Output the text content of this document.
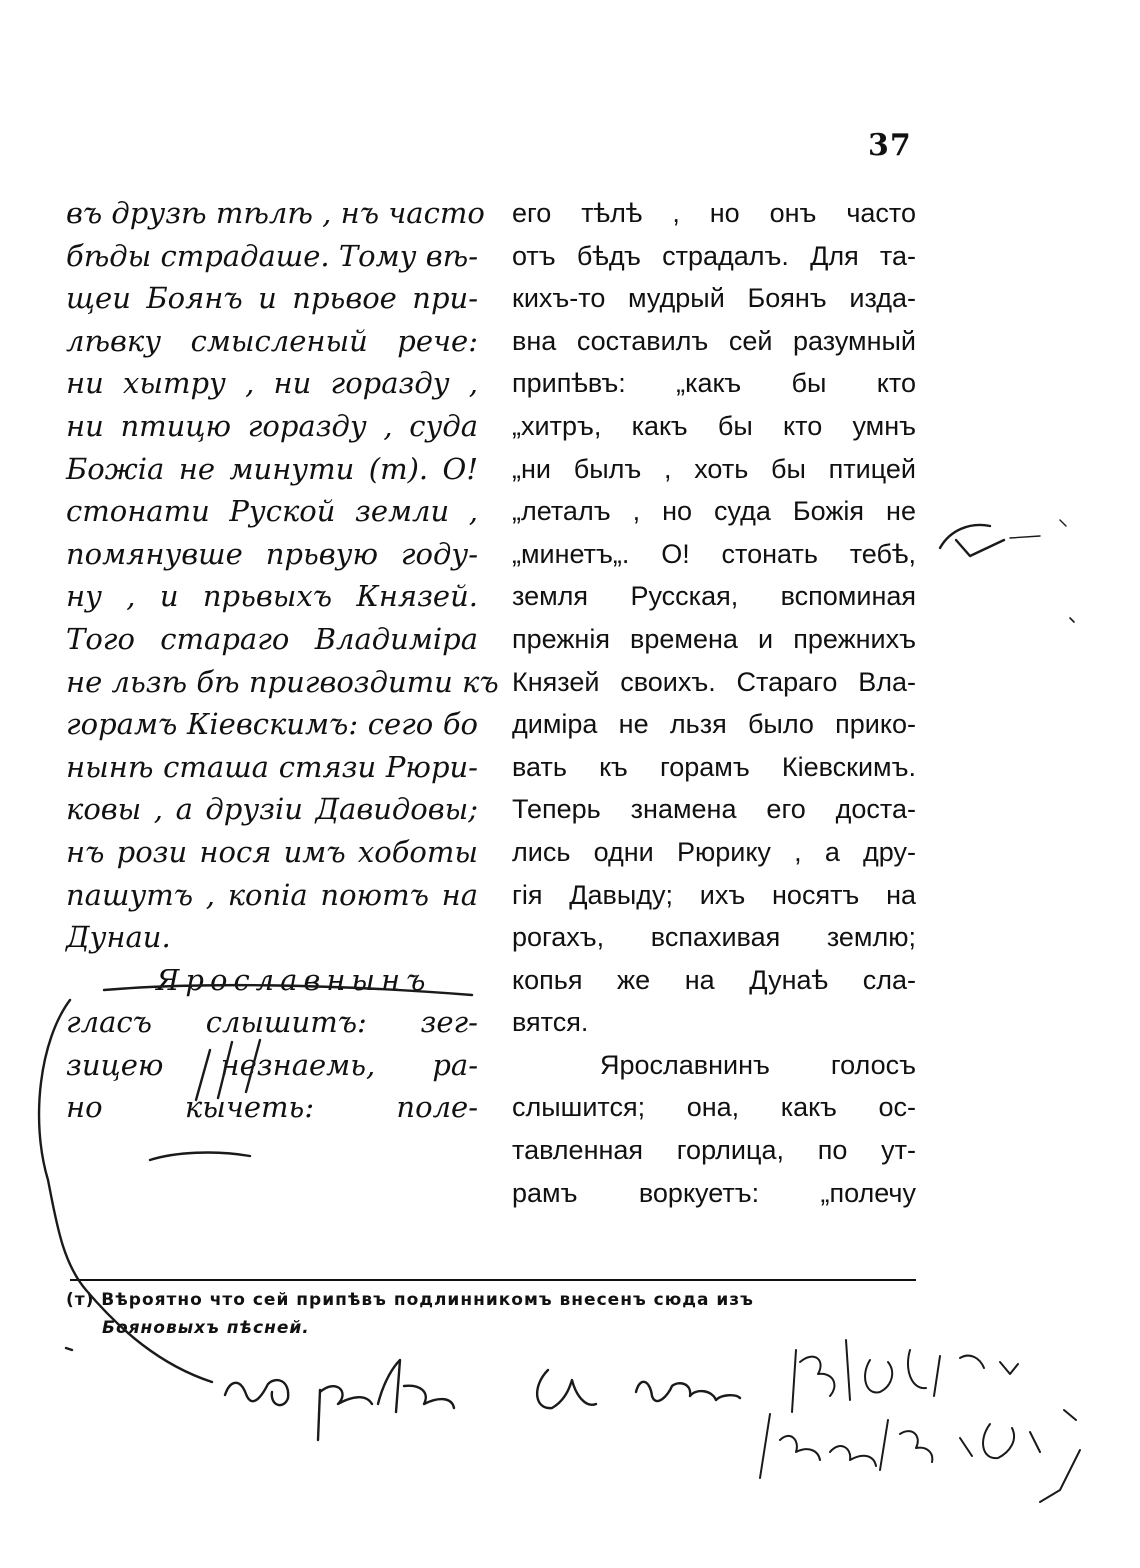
37
въ друзѣ тѣлѣ , нъ часто
бѣды страдаше. Тому вѣ-
щеи Боянъ и прьвое при-
лѣвку смысленый рече:
ни хытру , ни горазду ,
ни птицю горазду , суда
Божіа не минути (т). О!
стонати Руской земли ,
помянувше прьвую году-
ну , и прьвыхъ Князей.
Того стараго Владиміра
не льзѣ бѣ пригвоздити къ
горамъ Кіевскимъ: сего бо
нынѣ сташа стязи Рюри-
ковы , а друзіи Давидовы;
нъ рози нося имъ хоботы
пашутъ , копіа поютъ на
Дунаи.
Ярославнынъ
гласъ слышитъ: зег-
зицею незнаемь, ра-
но кычеть: поле-
его тѣлѣ , но онъ часто
отъ бѣдъ страдалъ. Для та-
кихъ-то мудрый Боянъ изда-
вна составилъ сей разумный
припѣвъ: „какъ бы кто
„хитръ, какъ бы кто умнъ
„ни былъ , хоть бы птицей
„леталъ , но суда Божія не
„минетъ„. О! стонать тебѣ,
земля Русская, вспоминая
прежнія времена и прежнихъ
Князей своихъ. Стараго Вла-
диміра не льзя было прико-
вать къ горамъ Кіевскимъ.
Теперь знамена его доста-
лись одни Рюрику , а дру-
гія Давыду; ихъ носятъ на
рогахъ, вспахивая землю;
копья же на Дунаѣ сла-
вятся.
Ярославнинъ голосъ
слышится; она, какъ ос-
тавленная горлица, по ут-
рамъ воркуетъ: „полечу
(т) Вѣроятно что сей припѣвъ подлинникомъ внесенъ сюда изъ
Бояновыхъ пѣсней.
